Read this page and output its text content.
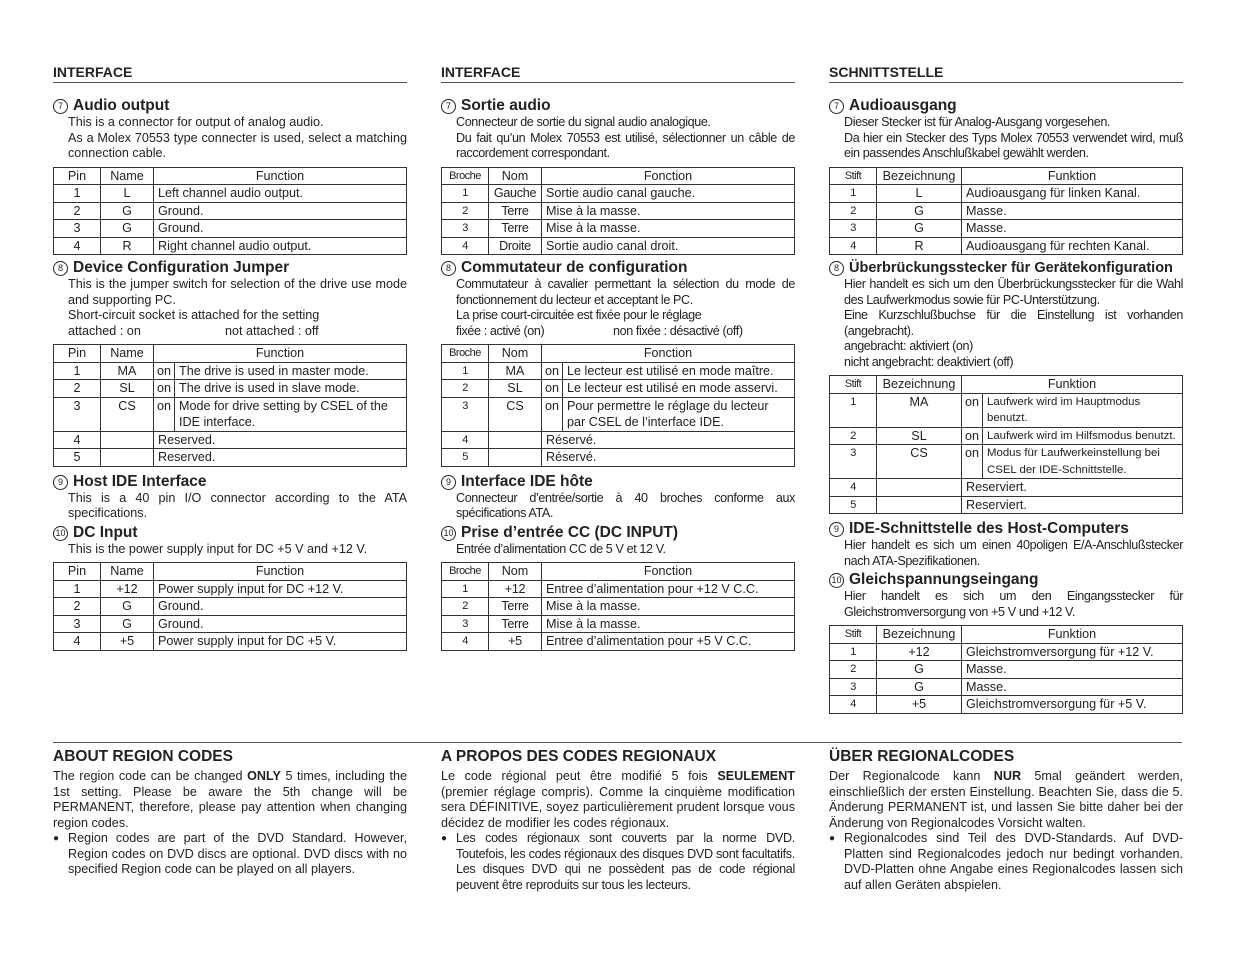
INTERFACE
7 Audio output
This is a connector for output of analog audio.
As a Molex 70553 type connecter is used, select a matching connection cable.
Pin	Name	Function
1	L	Left channel audio output.
2	G	Ground.
3	G	Ground.
4	R	Right channel audio output.
8 Device Configuration Jumper
This is the jumper switch for selection of the drive use mode and supporting PC.
Short-circuit socket is attached for the setting
attached : on	not attached : off
Pin	Name	Function	
1	MA	on	The drive is used in master mode.
2	SL	on	The drive is used in slave mode.
3	CS	on	Mode for drive setting by CSEL of the IDE interface.
4		Reserved.	
5		Reserved.	
9 Host IDE Interface
This is a 40 pin I/O connector according to the ATA specifications.
10 DC Input
This is the power supply input for DC +5 V and +12 V.
Pin	Name	Function
1	+12	Power supply input for DC +12 V.
2	G	Ground.
3	G	Ground.
4	+5	Power supply input for DC +5 V.
INTERFACE
7 Sortie audio
Connecteur de sortie du signal audio analogique.
Du fait qu’un Molex 70553 est utilisé, sélectionner un câble de raccordement correspondant.
Broche	Nom	Fonction
1	Gauche	Sortie audio canal gauche.
2	Terre	Mise à la masse.
3	Terre	Mise à la masse.
4	Droite	Sortie audio canal droit.
8 Commutateur de configuration
Commutateur à cavalier permettant la sélection du mode de fonctionnement du lecteur et acceptant le PC.
La prise court-circuitée est fixée pour le réglage
fixée : activé (on)	non fixée : désactivé (off)
Broche	Nom	Fonction	
1	MA	on	Le lecteur est utilisé en mode maître.
2	SL	on	Le lecteur est utilisé en mode asservi.
3	CS	on	Pour permettre le réglage du lecteur par CSEL de l’interface IDE.
4		Réservé.	
5		Réservé.	
9 Interface IDE hôte
Connecteur d’entrée/sortie à 40 broches conforme aux spécifications ATA.
10 Prise d’entrée CC (DC INPUT)
Entrée d’alimentation CC de 5 V et 12 V.
Broche	Nom	Fonction
1	+12	Entree d’alimentation pour +12 V C.C.
2	Terre	Mise à la masse.
3	Terre	Mise à la masse.
4	+5	Entree d’alimentation pour +5 V C.C.
SCHNITTSTELLE
7 Audioausgang
Dieser Stecker ist für Analog-Ausgang vorgesehen.
Da hier ein Stecker des Typs Molex 70553 verwendet wird, muß ein passendes Anschlußkabel gewählt werden.
Stift	Bezeichnung	Funktion
1	L	Audioausgang für linken Kanal.
2	G	Masse.
3	G	Masse.
4	R	Audioausgang für rechten Kanal.
8 Überbrückungsstecker für Gerätekonfiguration
Hier handelt es sich um den Überbrückungsstecker für die Wahl des Laufwerkmodus sowie für PC-Unterstützung.
Eine Kurzschlußbuchse für die Einstellung ist vorhanden (angebracht).
angebracht: aktiviert (on)
nicht angebracht: deaktiviert (off)
Stift	Bezeichnung	Funktion	
1	MA	on	Laufwerk wird im Hauptmodus benutzt.
2	SL	on	Laufwerk wird im Hilfsmodus benutzt.
3	CS	on	Modus für Laufwerkeinstellung bei CSEL der IDE-Schnittstelle.
4		Reserviert.	
5		Reserviert.	
9 IDE-Schnittstelle des Host-Computers
Hier handelt es sich um einen 40poligen E/A-Anschlußstecker nach ATA-Spezifikationen.
10 Gleichspannungseingang
Hier handelt es sich um den Eingangsstecker für Gleichstromversorgung von +5 V und +12 V.
Stift	Bezeichnung	Funktion
1	+12	Gleichstromversorgung für +12 V.
2	G	Masse.
3	G	Masse.
4	+5	Gleichstromversorgung für +5 V.
ABOUT REGION CODES
The region code can be changed ONLY 5 times, including the 1st setting. Please be aware the 5th change will be PERMANENT, therefore, please pay attention when changing region codes.
● Region codes are part of the DVD Standard. However, Region codes on DVD discs are optional. DVD discs with no specified Region code can be played on all players.
A PROPOS DES CODES REGIONAUX
Le code régional peut être modifié 5 fois SEULEMENT (premier réglage compris). Comme la cinquième modification sera DÉFINITIVE, soyez particulièrement prudent lorsque vous décidez de modifier les codes régionaux.
● Les codes régionaux sont couverts par la norme DVD. Toutefois, les codes régionaux des disques DVD sont facultatifs. Les disques DVD qui ne possèdent pas de code régional peuvent être reproduits sur tous les lecteurs.
ÜBER REGIONALCODES
Der Regionalcode kann NUR 5mal geändert werden, einschließlich der ersten Einstellung. Beachten Sie, dass die 5. Änderung PERMANENT ist, und lassen Sie bitte daher bei der Änderung von Regionalcodes Vorsicht walten.
● Regionalcodes sind Teil des DVD-Standards. Auf DVD-Platten sind Regionalcodes jedoch nur bedingt vorhanden. DVD-Platten ohne Angabe eines Regionalcodes lassen sich auf allen Geräten abspielen.
